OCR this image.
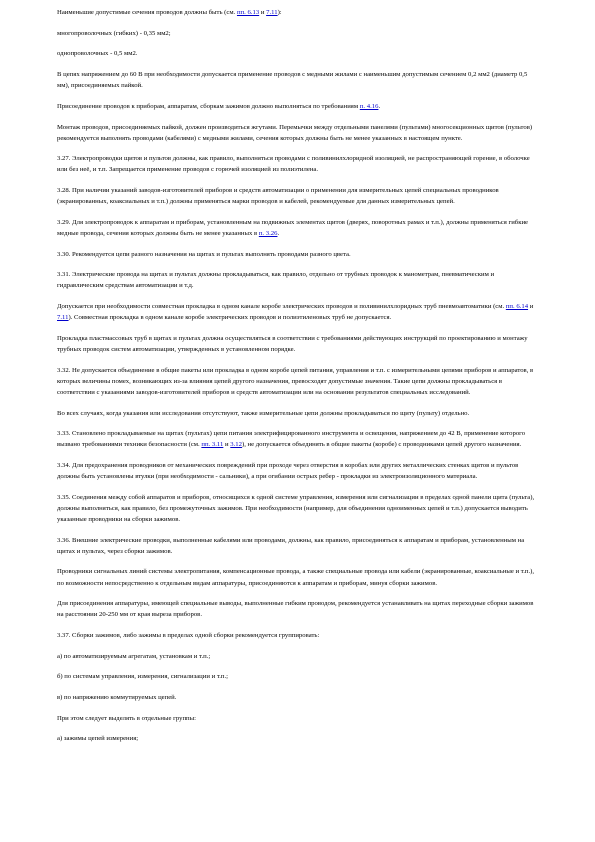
Наименьшие допустимые сечения проводов должны быть (см. пп. 6.13 и 7.11):

многопроволочных (гибких) - 0,35 мм2;

однопроволочных - 0,5 мм2.

В цепях напряжением до 60 В при необходимости допускается применение проводов с медными жилами с наименьшим допустимым сечением 0,2 мм2 (диаметр 0,5 мм), присоединяемых пайкой.

Присоединение проводов к приборам, аппаратам, сборкам зажимов должно выполняться по требованиям п. 4.16.

Монтаж проводов, присоединяемых пайкой, должен производиться жгутами. Перемычки между отдельными панелями (пультами) многосекционных щитов (пультов) рекомендуется выполнять проводами (кабелями) с медными жилами, сечения которых должны быть не менее указанных в настоящем пункте.

3.27. Электропроводки щитов и пультов должны, как правило, выполняться проводами с поливинилхлоридной изоляцией, не распространяющей горение, в оболочке или без неё, и т.п. Запрещается применение проводов с горючей изоляцией из полиэтилена.

3.28. При наличии указаний заводов-изготовителей приборов и средств автоматизации о применении для измерительных цепей специальных проводников (экранированных, коаксиальных и т.п.) должны применяться марки проводов и кабелей, рекомендуемые для данных измерительных цепей.

3.29. Для электропроводок к аппаратам и приборам, установленным на подвижных элементах щитов (дверях, поворотных рамах и т.п.), должны применяться гибкие медные провода, сечения которых должны быть не менее указанных в п. 3.26.

3.30. Рекомендуется цепи разного назначения на щитах и пультах выполнять проводами разного цвета.

3.31. Электрические провода на щитах и пультах должны прокладываться, как правило, отдельно от трубных проводок к манометрам, пневматическим и гидравлическим средствам автоматизации и т.д.

Допускается при необходимости совместная прокладка в одном канале коробе электрических проводов и поливинилхлоридных труб пневмоавтоматики (см. пп. 6.14 и 7.11). Совместная прокладка в одном канале коробе электрических проводов и полиэтиленовых труб не допускается.

Прокладка пластмассовых труб в щитах и пультах должна осуществляться в соответствии с требованиями действующих инструкций по проектированию и монтажу трубных проводок систем автоматизации, утвержденных в установленном порядке.

3.32. Не допускается объединение в общие пакеты или прокладка в одном коробе цепей питания, управления и т.п. с измерительными цепями приборов и аппаратов, в которых величины помех, возникающих из-за влияния цепей другого назначения, превосходят допустимые значения. Такие цепи должны прокладываться в соответствии с указаниями заводов-изготовителей приборов и средств автоматизации или на основании результатов специальных исследований.

Во всех случаях, когда указания или исследования отсутствуют, также измерительные цепи должны прокладываться по щиту (пульту) отдельно.

3.33. Становлено прокладываемые на щитах (пультах) цепи питания электрифицированного инструмента и освещения, напряжением до 42 В, применение которого вызвано требованиями техники безопасности (см. пп. 3.11 и 3.12), не допускается объединять в общие пакеты (коробе) с проводниками цепей другого назначения.

3.34. Для предохранения проводников от механических повреждений при проходе через отверстия в коробах или других металлических стенках щитов и пультов должны быть установлены втулки (при необходимости - сальники), а при огибании острых ребер - прокладки из электроизоляционного материала.

3.35. Соединения между собой аппаратов и приборов, относящихся к одной системе управления, измерения или сигнализации в пределах одной панели щита (пульта), должны выполняться, как правило, без промежуточных зажимов. При необходимости (например, для объединения одноименных цепей и т.п.) допускается выводить указанные проводники на сборки зажимов.

3.36. Внешние электрические проводки, выполненные кабелями или проводами, должны, как правило, присоединяться к аппаратам и приборам, установленным на щитах и пультах, через сборки зажимов.

Проводники сигнальных линий системы электропитания, компенсационные провода, а также специальные провода или кабели (экранированные, коаксиальные и т.п.), по возможности непосредственно к отдельным видам аппаратуры, присоединяются к аппаратам и приборам, минуя сборки зажимов.

Для присоединения аппаратуры, имеющей специальные выводы, выполненные гибким проводом, рекомендуется устанавливать на щитах переходные сборки зажимов на расстоянии 20-250 мм от края выреза приборов.

3.37. Сборки зажимов, либо зажимы в пределах одной сборки рекомендуется группировать:

а) по автоматизируемым агрегатам, установкам и т.п.;

б) по системам управления, измерения, сигнализации и т.п.;

в) по напряжению коммутируемых цепей.

При этом следует выделять в отдельные группы:

а) зажимы цепей измерения;
